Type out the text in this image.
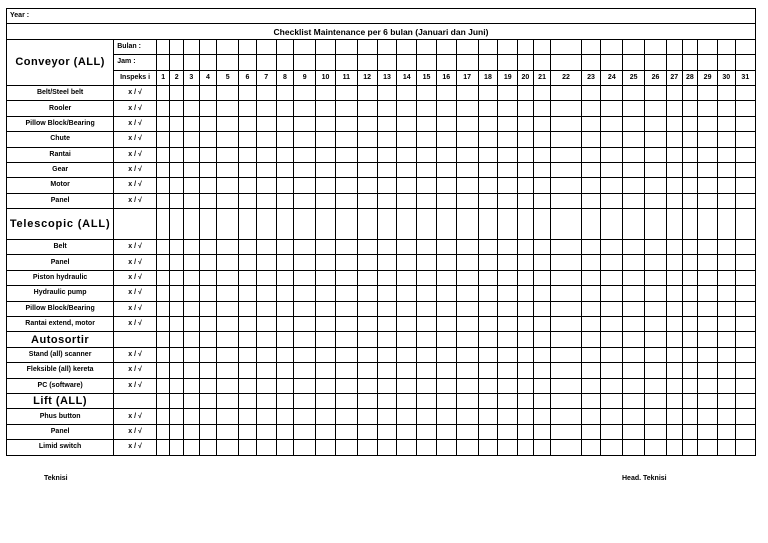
Year :																																
Checklist Maintenance per 6 bulan (Januari dan Juni)																																
Conveyor (ALL)	Bulan :																															
	Jam :																															
	Inspeks i	1	2	3	4	5	6	7	8	9	10	11	12	13	14	15	16	17	18	19	20	21	22	23	24	25	26	27	28	29	30	31
Belt/Steel belt	x / √																															
Rooler	x / √																															
Pillow Block/Bearing	x / √																															
Chute	x / √																															
Rantai	x / √																															
Gear	x / √																															
Motor	x / √																															
Panel	x / √																															
Telescopic (ALL)																																
Belt	x / √																															
Panel	x / √																															
Piston hydraulic	x / √																															
Hydraulic pump	x / √																															
Pillow Block/Bearing	x / √																															
Rantai extend, motor	x / √																															
Autosortir																																
Stand (all) scanner	x / √																															
Fleksible (all) kereta	x / √																															
PC (software)	x / √																															
Lift (ALL)																																
Phus button	x / √																															
Panel	x / √																															
Limid switch	x / √																															
Teknisi	Head. Teknisi
